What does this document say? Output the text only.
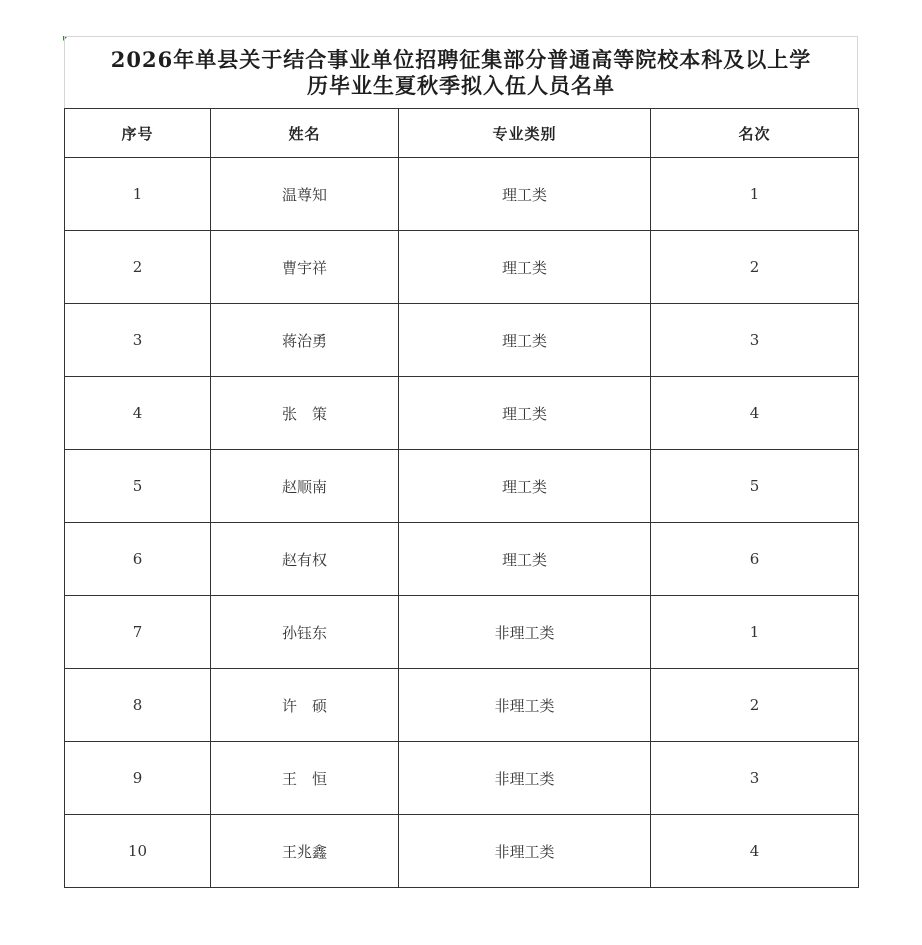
2026年单县关于结合事业单位招聘征集部分普通高等院校本科及以上学
历毕业生夏秋季拟入伍人员名单
序号	姓名	专业类别	名次
1	温尊知	理工类	1
2	曹宇祥	理工类	2
3	蒋治勇	理工类	3
4	张　策	理工类	4
5	赵顺南	理工类	5
6	赵有权	理工类	6
7	孙钰东	非理工类	1
8	许　硕	非理工类	2
9	王　恒	非理工类	3
10	王兆鑫	非理工类	4
